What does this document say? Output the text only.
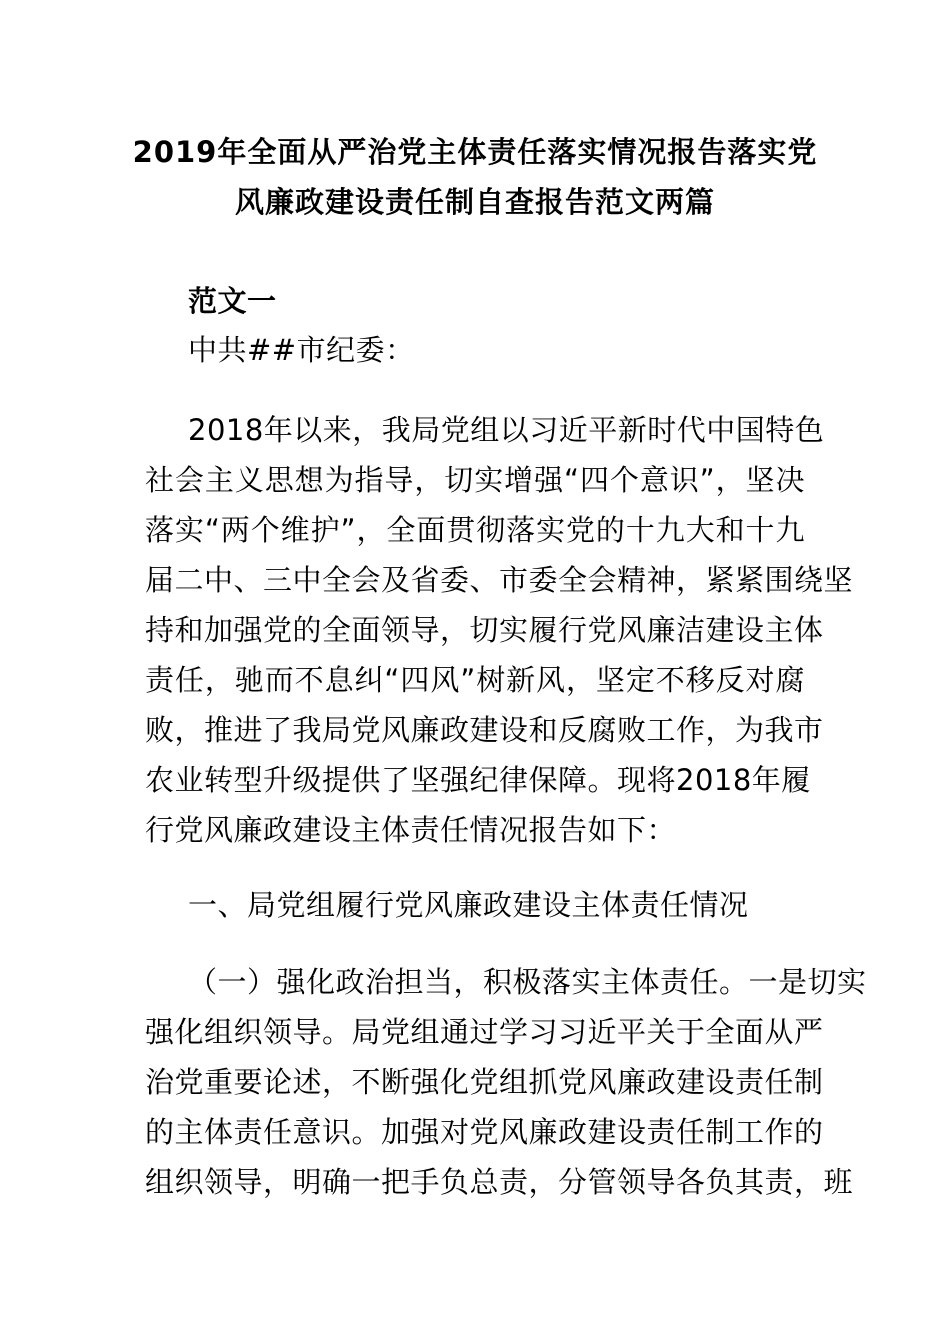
2019年全面从严治党主体责任落实情况报告落实党
风廉政建设责任制自查报告范文两篇
范文一
中共##市纪委：
2018年以来，我局党组以习近平新时代中国特色
社会主义思想为指导，切实增强“四个意识”，坚决
落实“两个维护”，全面贯彻落实党的十九大和十九
届二中、三中全会及省委、市委全会精神，紧紧围绕坚
持和加强党的全面领导，切实履行党风廉洁建设主体
责任，驰而不息纠“四风”树新风，坚定不移反对腐
败，推进了我局党风廉政建设和反腐败工作，为我市
农业转型升级提供了坚强纪律保障。现将2018年履
行党风廉政建设主体责任情况报告如下：
一、局党组履行党风廉政建设主体责任情况
（一）强化政治担当，积极落实主体责任。一是切实
强化组织领导。局党组通过学习习近平关于全面从严
治党重要论述，不断强化党组抓党风廉政建设责任制
的主体责任意识。加强对党风廉政建设责任制工作的
组织领导，明确一把手负总责，分管领导各负其责，班
